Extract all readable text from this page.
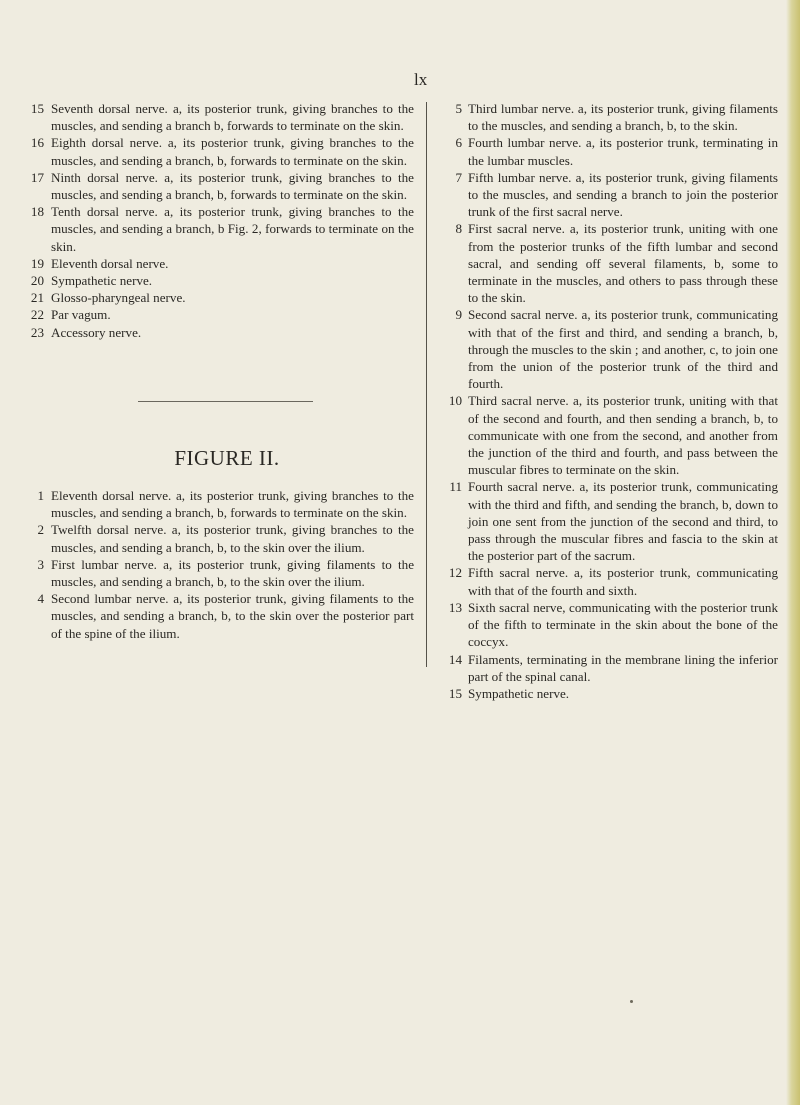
lx
15 Seventh dorsal nerve. a, its posterior trunk, giving branches to the muscles, and sending a branch b, forwards to terminate on the skin.
16 Eighth dorsal nerve. a, its posterior trunk, giving branches to the muscles, and sending a branch, b, forwards to terminate on the skin.
17 Ninth dorsal nerve. a, its posterior trunk, giving branches to the muscles, and sending a branch, b, forwards to terminate on the skin.
18 Tenth dorsal nerve. a, its posterior trunk, giving branches to the muscles, and sending a branch, b Fig. 2, forwards to terminate on the skin.
19 Eleventh dorsal nerve.
20 Sympathetic nerve.
21 Glosso-pharyngeal nerve.
22 Par vagum.
23 Accessory nerve.
FIGURE II.
1 Eleventh dorsal nerve. a, its posterior trunk, giving branches to the muscles, and sending a branch, b, forwards to terminate on the skin.
2 Twelfth dorsal nerve. a, its posterior trunk, giving branches to the muscles, and sending a branch, b, to the skin over the ilium.
3 First lumbar nerve. a, its posterior trunk, giving filaments to the muscles, and sending a branch, b, to the skin over the ilium.
4 Second lumbar nerve. a, its posterior trunk, giving filaments to the muscles, and sending a branch, b, to the skin over the posterior part of the spine of the ilium.
5 Third lumbar nerve. a, its posterior trunk, giving filaments to the muscles, and sending a branch, b, to the skin.
6 Fourth lumbar nerve. a, its posterior trunk, terminating in the lumbar muscles.
7 Fifth lumbar nerve. a, its posterior trunk, giving filaments to the muscles, and sending a branch to join the posterior trunk of the first sacral nerve.
8 First sacral nerve. a, its posterior trunk, uniting with one from the posterior trunks of the fifth lumbar and second sacral, and sending off several filaments, b, some to terminate in the muscles, and others to pass through these to the skin.
9 Second sacral nerve. a, its posterior trunk, communicating with that of the first and third, and sending a branch, b, through the muscles to the skin ; and another, c, to join one from the union of the posterior trunk of the third and fourth.
10 Third sacral nerve. a, its posterior trunk, uniting with that of the second and fourth, and then sending a branch, b, to communicate with one from the second, and another from the junction of the third and fourth, and pass between the muscular fibres to terminate on the skin.
11 Fourth sacral nerve. a, its posterior trunk, communicating with the third and fifth, and sending the branch, b, down to join one sent from the junction of the second and third, to pass through the muscular fibres and fascia to the skin at the posterior part of the sacrum.
12 Fifth sacral nerve. a, its posterior trunk, communicating with that of the fourth and sixth.
13 Sixth sacral nerve, communicating with the posterior trunk of the fifth to terminate in the skin about the bone of the coccyx.
14 Filaments, terminating in the membrane lining the inferior part of the spinal canal.
15 Sympathetic nerve.
